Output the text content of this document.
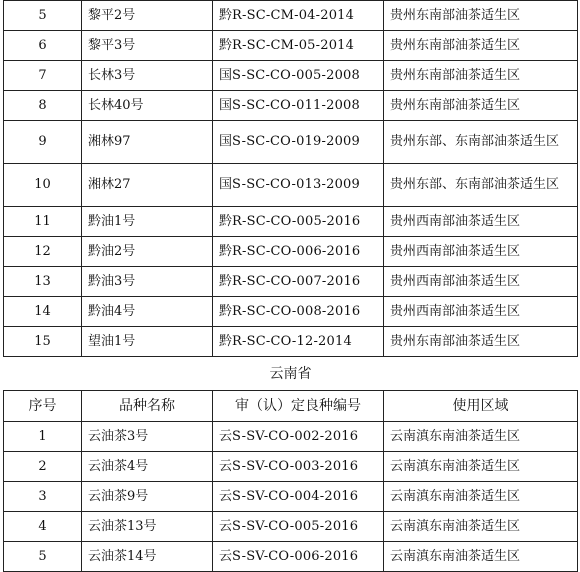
5	黎平2号	黔R-SC-CM-04-2014	贵州东南部油茶适生区
6	黎平3号	黔R-SC-CM-05-2014	贵州东南部油茶适生区
7	长林3号	国S-SC-CO-005-2008	贵州东南部油茶适生区
8	长林40号	国S-SC-CO-011-2008	贵州东南部油茶适生区
9	湘林97	国S-SC-CO-019-2009	贵州东部、东南部油茶适生区
10	湘林27	国S-SC-CO-013-2009	贵州东部、东南部油茶适生区
11	黔油1号	黔R-SC-CO-005-2016	贵州西南部油茶适生区
12	黔油2号	黔R-SC-CO-006-2016	贵州西南部油茶适生区
13	黔油3号	黔R-SC-CO-007-2016	贵州西南部油茶适生区
14	黔油4号	黔R-SC-CO-008-2016	贵州西南部油茶适生区
15	望油1号	黔R-SC-CO-12-2014	贵州东南部油茶适生区
云南省			
序号	品种名称	审（认）定良种编号	使用区域
1	云油茶3号	云S-SV-CO-002-2016	云南滇东南油茶适生区
2	云油茶4号	云S-SV-CO-003-2016	云南滇东南油茶适生区
3	云油茶9号	云S-SV-CO-004-2016	云南滇东南油茶适生区
4	云油茶13号	云S-SV-CO-005-2016	云南滇东南油茶适生区
5	云油茶14号	云S-SV-CO-006-2016	云南滇东南油茶适生区
